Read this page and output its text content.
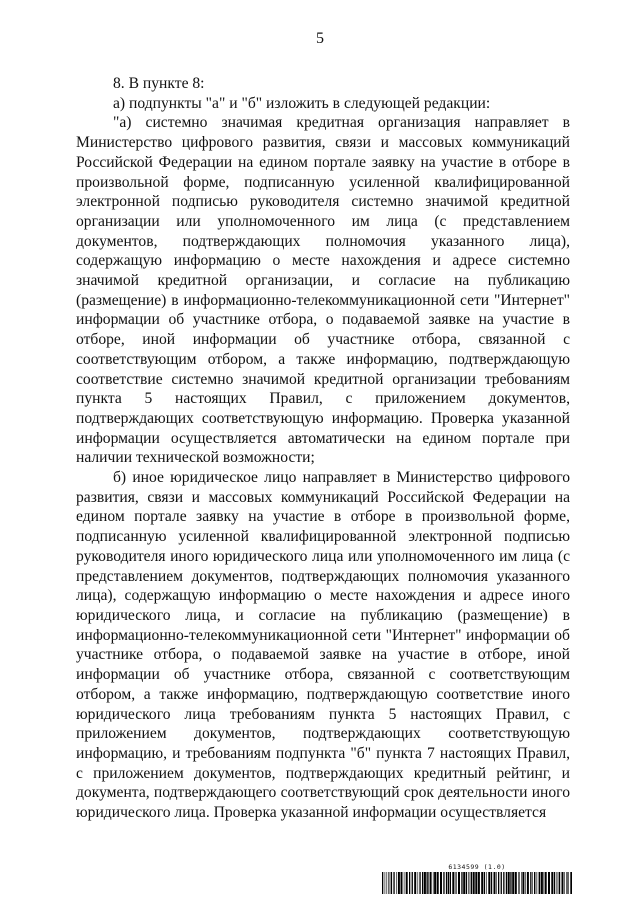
5

8. В пункте 8:

а) подпункты "а" и "б" изложить в следующей редакции:

"а) системно значимая кредитная организация направляет в Министерство цифрового развития, связи и массовых коммуникаций Российской Федерации на едином портале заявку на участие в отборе в произвольной форме, подписанную усиленной квалифицированной электронной подписью руководителя системно значимой кредитной организации или уполномоченного им лица (с представлением документов, подтверждающих полномочия указанного лица), содержащую информацию о месте нахождения и адресе системно значимой кредитной организации, и согласие на публикацию (размещение) в информационно-телекоммуникационной сети "Интернет" информации об участнике отбора, о подаваемой заявке на участие в отборе, иной информации об участнике отбора, связанной с соответствующим отбором, а также информацию, подтверждающую соответствие системно значимой кредитной организации требованиям пункта 5 настоящих Правил, с приложением документов, подтверждающих соответствующую информацию. Проверка указанной информации осуществляется автоматически на едином портале при наличии технической возможности;

б) иное юридическое лицо направляет в Министерство цифрового развития, связи и массовых коммуникаций Российской Федерации на едином портале заявку на участие в отборе в произвольной форме, подписанную усиленной квалифицированной электронной подписью руководителя иного юридического лица или уполномоченного им лица (с представлением документов, подтверждающих полномочия указанного лица), содержащую информацию о месте нахождения и адресе иного юридического лица, и согласие на публикацию (размещение) в информационно-телекоммуникационной сети "Интернет" информации об участнике отбора, о подаваемой заявке на участие в отборе, иной информации об участнике отбора, связанной с соответствующим отбором, а также информацию, подтверждающую соответствие иного юридического лица требованиям пункта 5 настоящих Правил, с приложением документов, подтверждающих соответствующую информацию, и требованиям подпункта "б" пункта 7 настоящих Правил, с приложением документов, подтверждающих кредитный рейтинг, и документа, подтверждающего соответствующий срок деятельности иного юридического лица. Проверка указанной информации осуществляется

6134599 (1.0)
